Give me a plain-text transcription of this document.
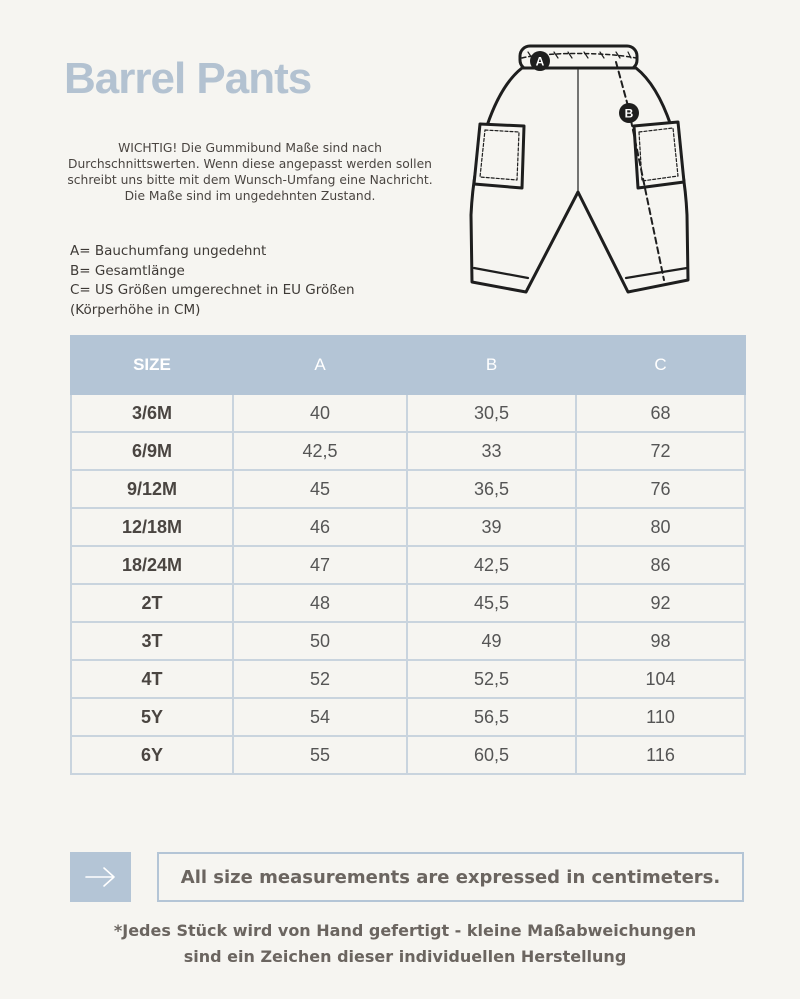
Barrel Pants
WICHTIG! Die Gummibund Maße sind nach
Durchschnittswerten. Wenn diese angepasst werden sollen
schreibt uns bitte mit dem Wunsch-Umfang eine Nachricht.
Die Maße sind im ungedehnten Zustand.
A= Bauchumfang ungedehnt
B= Gesamtlänge
C= US Größen umgerechnet in EU Größen
(Körperhöhe in CM)
A
B
SIZE	A	B	C
3/6M	40	30,5	68
6/9M	42,5	33	72
9/12M	45	36,5	76
12/18M	46	39	80
18/24M	47	42,5	86
2T	48	45,5	92
3T	50	49	98
4T	52	52,5	104
5Y	54	56,5	110
6Y	55	60,5	116
All size measurements are expressed in centimeters.
*Jedes Stück wird von Hand gefertigt - kleine Maßabweichungen
sind ein Zeichen dieser individuellen Herstellung
